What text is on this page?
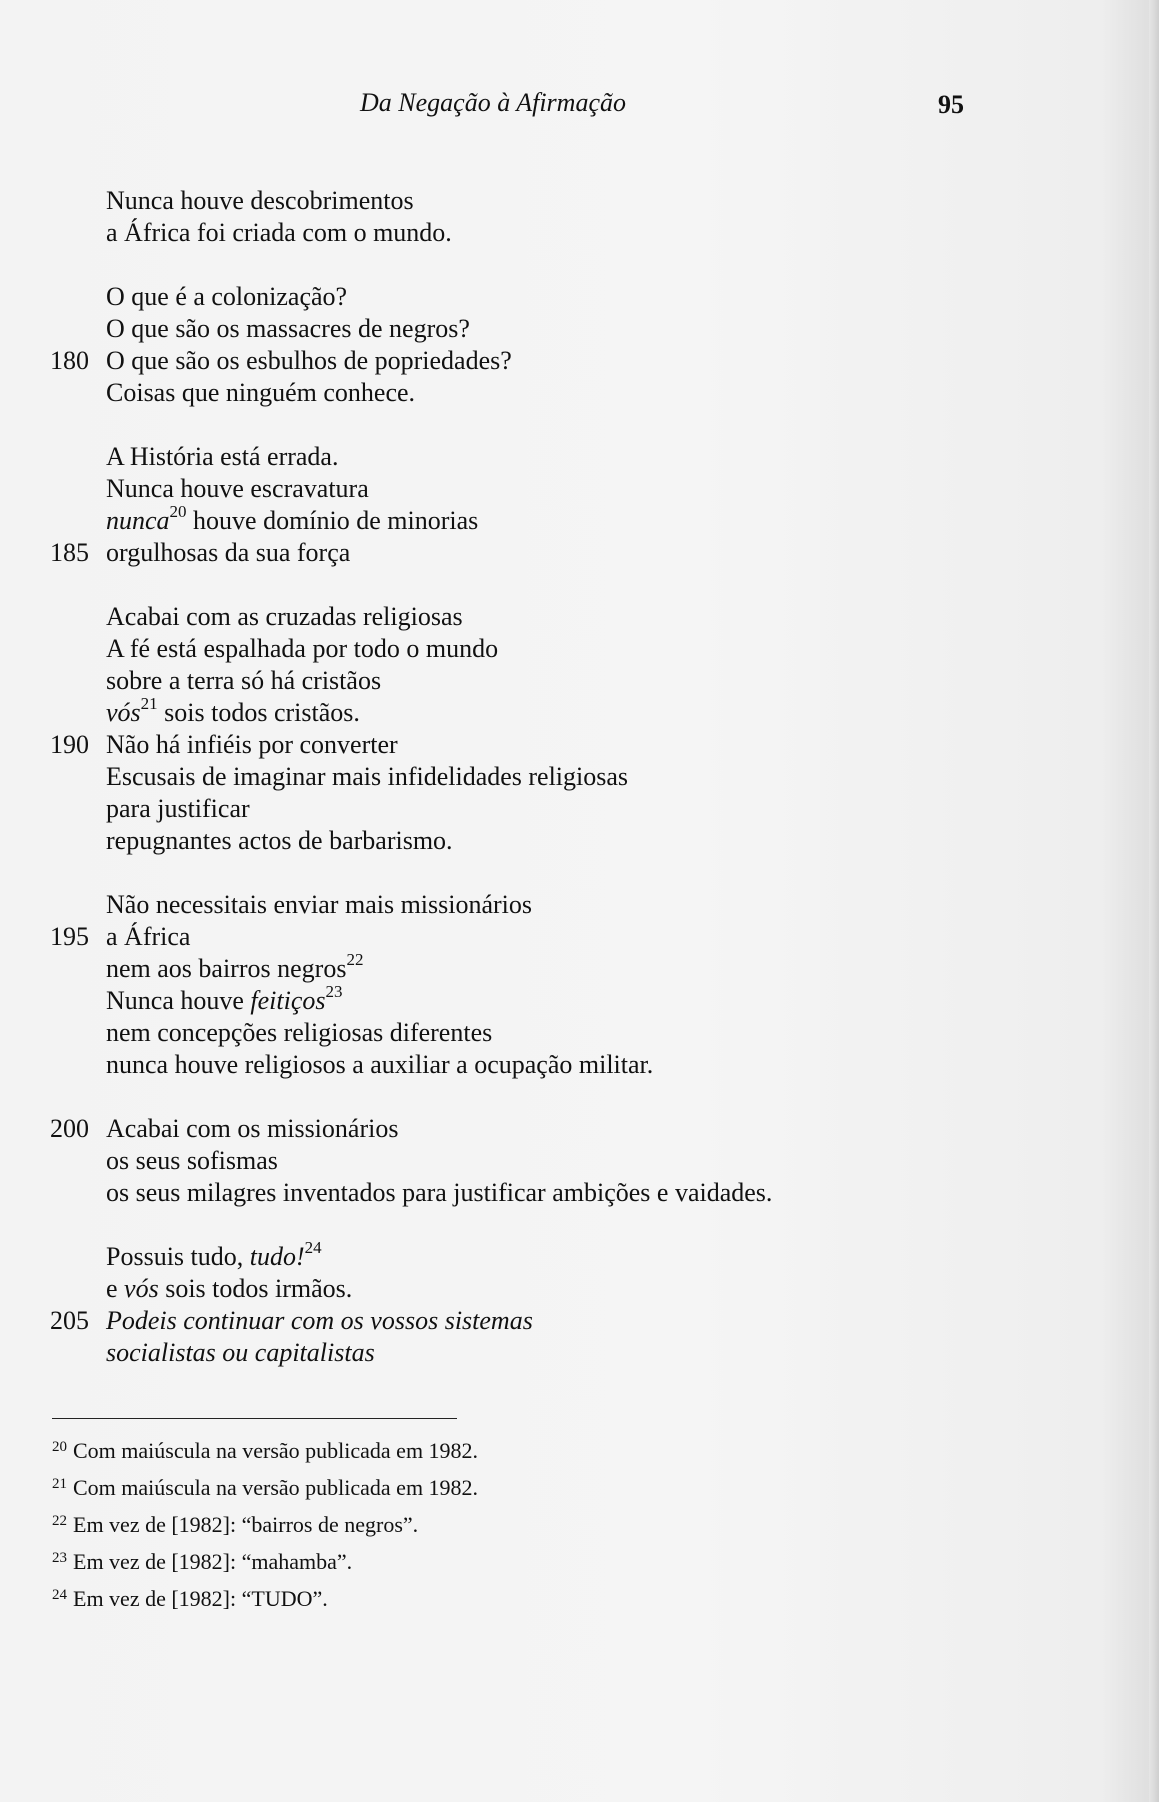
Da Negação à Afirmação	95
Nunca houve descobrimentos
a África foi criada com o mundo.
O que é a colonização?
O que são os massacres de negros?
180 O que são os esbulhos de popriedades?
Coisas que ninguém conhece.
A História está errada.
Nunca houve escravatura
nunca$^{20}$ houve domínio de minorias
185 orgulhosas da sua força
Acabai com as cruzadas religiosas
A fé está espalhada por todo o mundo
sobre a terra só há cristãos
vós$^{21}$ sois todos cristãos.
190 Não há infiéis por converter
Escusais de imaginar mais infidelidades religiosas
para justificar
repugnantes actos de barbarismo.
Não necessitais enviar mais missionários
195 a África
nem aos bairros negros$^{22}$
Nunca houve feitiços$^{23}$
nem concepções religiosas diferentes
nunca houve religiosos a auxiliar a ocupação militar.
200 Acabai com os missionários
os seus sofismas
os seus milagres inventados para justificar ambições e vaidades.
Possuis tudo, tudo!$^{24}$
e vós sois todos irmãos.
205 Podeis continuar com os vossos sistemas
socialistas ou capitalistas
$^{20}$ Com maiúscula na versão publicada em 1982.
$^{21}$ Com maiúscula na versão publicada em 1982.
$^{22}$ Em vez de [1982]: “bairros de negros”.
$^{23}$ Em vez de [1982]: “mahamba”.
$^{24}$ Em vez de [1982]: “TUDO”.
